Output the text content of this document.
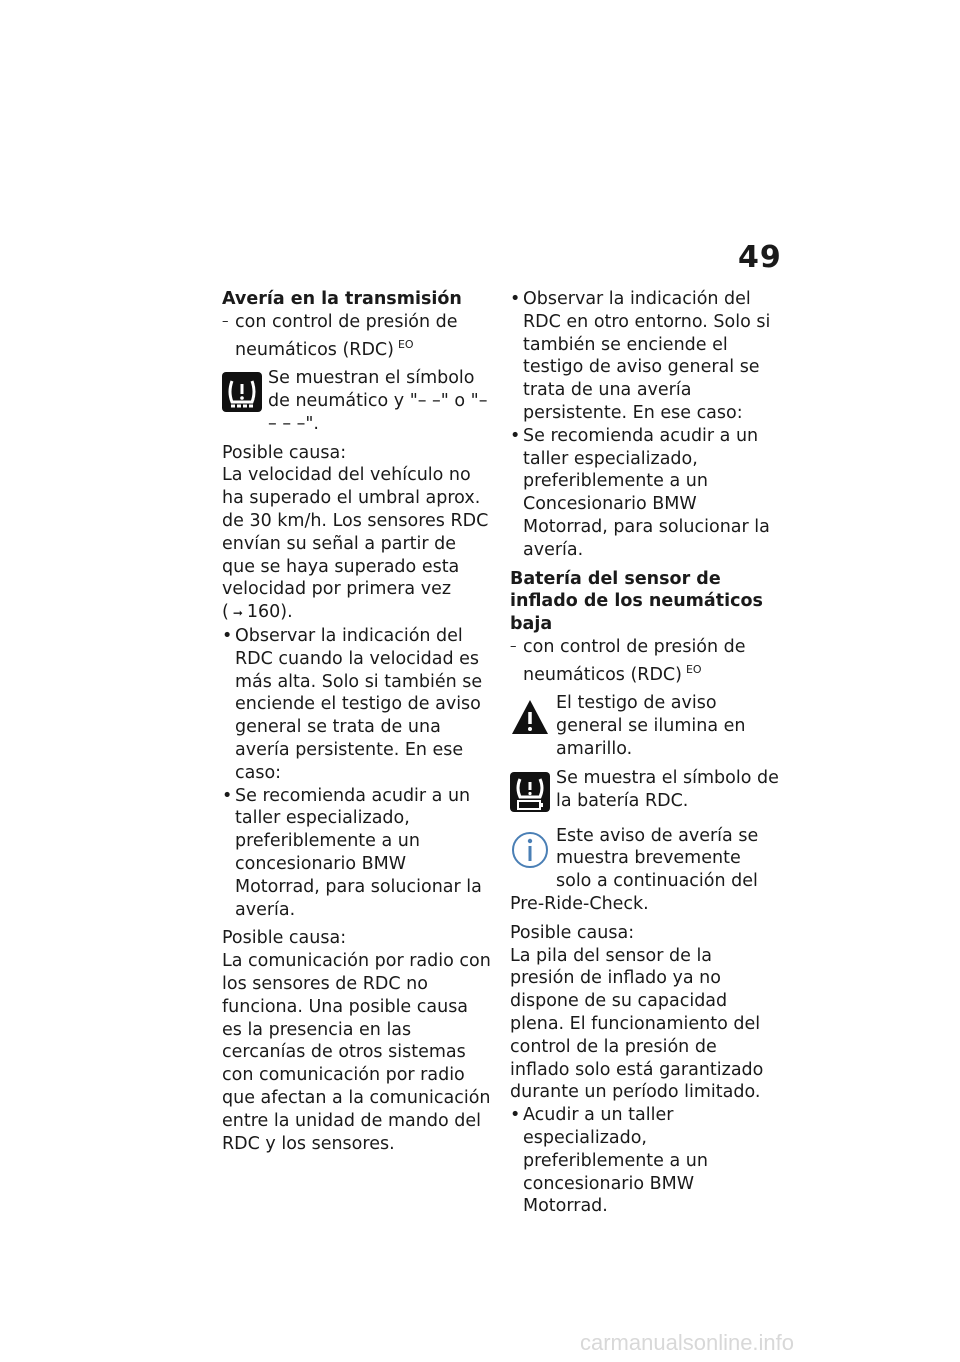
49

Avería en la transmisión

– con control de presión de neumáticos (RDC) $^{EO}$

Se muestran el símbolo de neumático y "– –" o "– – – –".

Posible causa:

La velocidad del vehículo no ha superado el umbral aprox. de 30 km/h. Los sensores RDC envían su señal a partir de que se haya superado esta velocidad por primera vez ( ➞ 160).

• Observar la indicación del RDC cuando la velocidad es más alta. Solo si también se enciende el testigo de aviso general se trata de una avería persistente. En ese caso:
• Se recomienda acudir a un taller especializado, preferiblemente a un concesionario BMW Motorrad, para solucionar la avería.

Posible causa:

La comunicación por radio con los sensores de RDC no funciona. Una posible causa es la presencia en las cercanías de otros sistemas con comunicación por radio que afectan a la comunicación entre la unidad de mando del RDC y los sensores.

• Observar la indicación del RDC en otro entorno. Solo si también se enciende el testigo de aviso general se trata de una avería persistente. En ese caso:
• Se recomienda acudir a un taller especializado, preferiblemente a un Concesionario BMW Motorrad, para solucionar la avería.

Batería del sensor de inflado de los neumáticos baja

– con control de presión de neumáticos (RDC) $^{EO}$

El testigo de aviso general se ilumina en amarillo.

Se muestra el símbolo de la batería RDC.

Este aviso de avería se muestra brevemente solo a continuación del Pre-Ride-Check.

Posible causa:

La pila del sensor de la presión de inflado ya no dispone de su capacidad plena. El funcionamiento del control de la presión de inflado solo está garantizado durante un período limitado.

• Acudir a un taller especializado, preferiblemente a un concesionario BMW Motorrad.
carmanualsonline.info
